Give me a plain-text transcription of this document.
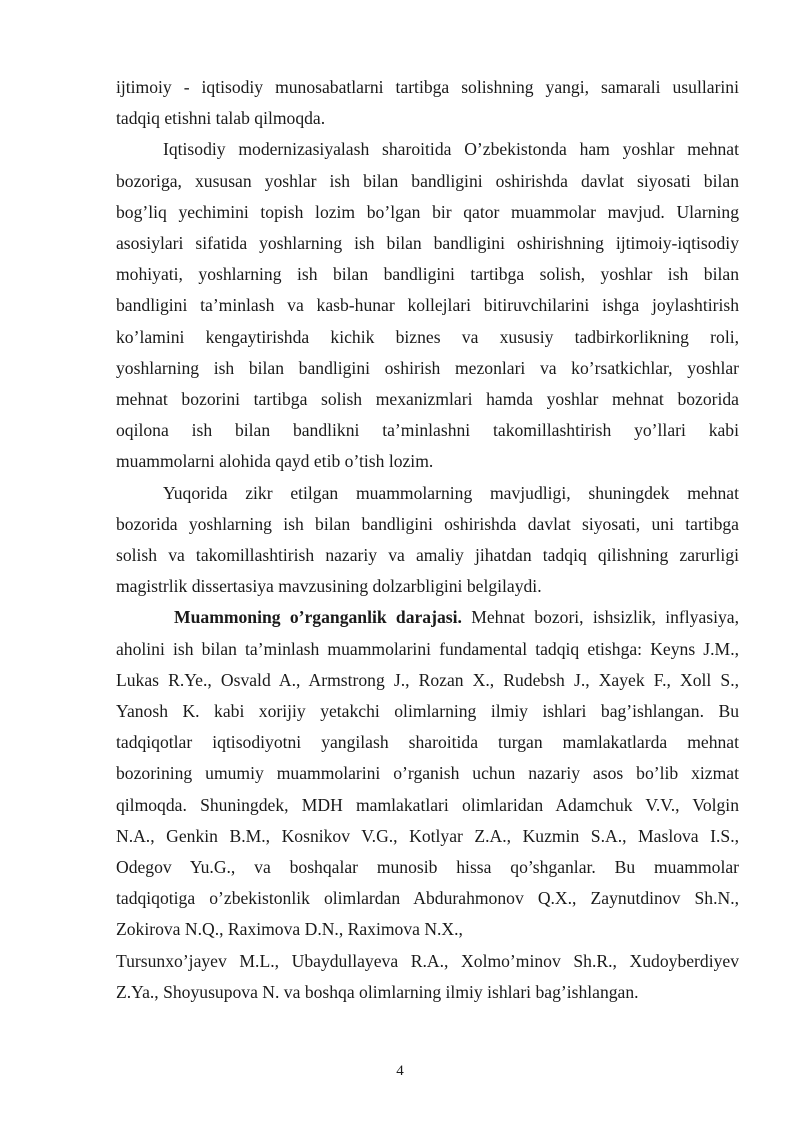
ijtimoiy - iqtisodiy munosabatlarni tartibga solishning yangi, samarali usullarini
tadqiq etishni talab qilmoqda.

Iqtisodiy modernizasiyalash sharoitida O’zbekistonda ham yoshlar mehnat
bozoriga, xususan yoshlar ish bilan bandligini oshirishda davlat siyosati bilan
bog’liq yechimini topish lozim bo’lgan bir qator muammolar mavjud. Ularning
asosiylari sifatida yoshlarning ish bilan bandligini oshirishning ijtimoiy-iqtisodiy
mohiyati, yoshlarning ish bilan bandligini tartibga solish, yoshlar ish bilan
bandligini ta’minlash va kasb-hunar kollejlari bitiruvchilarini ishga joylashtirish
ko’lamini kengaytirishda kichik biznes va xususiy tadbirkorlikning roli,
yoshlarning ish bilan bandligini oshirish mezonlari va ko’rsatkichlar, yoshlar
mehnat bozorini tartibga solish mexanizmlari hamda yoshlar mehnat bozorida
oqilona ish bilan bandlikni ta’minlashni takomillashtirish yo’llari kabi
muammolarni alohida qayd etib o’tish lozim.

Yuqorida zikr etilgan muammolarning mavjudligi, shuningdek mehnat
bozorida yoshlarning ish bilan bandligini oshirishda davlat siyosati, uni tartibga
solish va takomillashtirish nazariy va amaliy jihatdan tadqiq qilishning zarurligi
magistrlik dissertasiya mavzusining dolzarbligini belgilaydi.

Muammoning o’rganganlik darajasi. Mehnat bozori, ishsizlik, inflyasiya,
aholini ish bilan ta’minlash muammolarini fundamental tadqiq etishga: Keyns J.M.,
Lukas R.Ye., Osvald A., Armstrong J., Rozan X., Rudebsh J., Xayek F., Xoll S.,
Yanosh K. kabi xorijiy yetakchi olimlarning ilmiy ishlari bag’ishlangan. Bu
tadqiqotlar iqtisodiyotni yangilash sharoitida turgan mamlakatlarda mehnat
bozorining umumiy muammolarini o’rganish uchun nazariy asos bo’lib xizmat
qilmoqda. Shuningdek, MDH mamlakatlari olimlaridan Adamchuk V.V., Volgin
N.A., Genkin B.M., Kosnikov V.G., Kotlyar Z.A., Kuzmin S.A., Maslova I.S.,
Odegov Yu.G., va boshqalar munosib hissa qo’shganlar. Bu muammolar
tadqiqotiga o’zbekistonlik olimlardan Abdurahmonov Q.X., Zaynutdinov Sh.N.,
Zokirova N.Q., Raximova D.N., Raximova N.X.,
Tursunxo’jayev M.L., Ubaydullayeva R.A., Xolmo’minov Sh.R., Xudoyberdiyev
Z.Ya., Shoyusupova N. va boshqa olimlarning ilmiy ishlari bag’ishlangan.

4
